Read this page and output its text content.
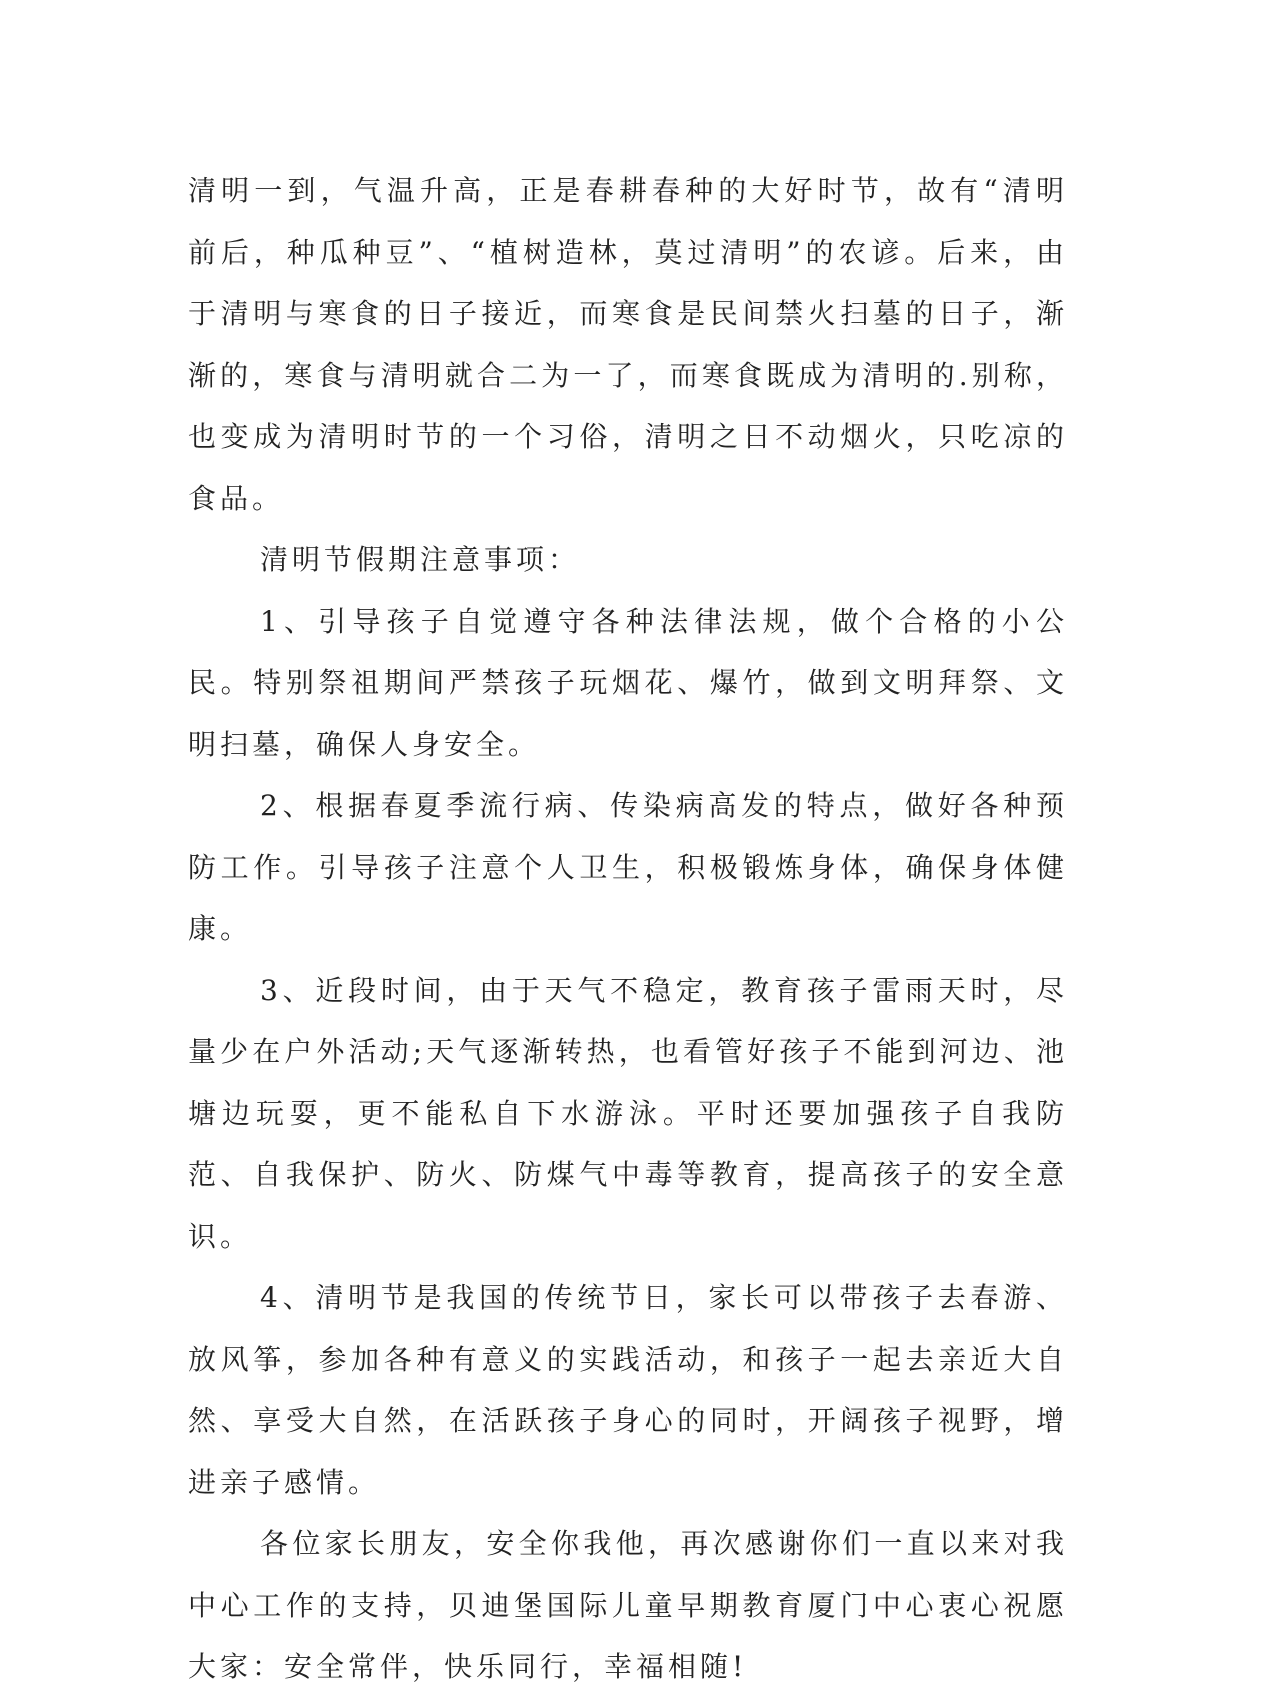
清明一到，气温升高，正是春耕春种的大好时节，故有“清明前后，种瓜种豆”、“植树造林，莫过清明”的农谚。后来，由于清明与寒食的日子接近，而寒食是民间禁火扫墓的日子，渐渐的，寒食与清明就合二为一了，而寒食既成为清明的.别称，也变成为清明时节的一个习俗，清明之日不动烟火，只吃凉的食品。

清明节假期注意事项：

1、引导孩子自觉遵守各种法律法规，做个合格的小公民。特别祭祖期间严禁孩子玩烟花、爆竹，做到文明拜祭、文明扫墓，确保人身安全。

2、根据春夏季流行病、传染病高发的特点，做好各种预防工作。引导孩子注意个人卫生，积极锻炼身体，确保身体健康。

3、近段时间，由于天气不稳定，教育孩子雷雨天时，尽量少在户外活动;天气逐渐转热，也看管好孩子不能到河边、池塘边玩耍，更不能私自下水游泳。平时还要加强孩子自我防范、自我保护、防火、防煤气中毒等教育，提高孩子的安全意识。

4、清明节是我国的传统节日，家长可以带孩子去春游、放风筝，参加各种有意义的实践活动，和孩子一起去亲近大自然、享受大自然，在活跃孩子身心的同时，开阔孩子视野，增进亲子感情。

各位家长朋友，安全你我他，再次感谢你们一直以来对我中心工作的支持，贝迪堡国际儿童早期教育厦门中心衷心祝愿大家：安全常伴，快乐同行，幸福相随!
